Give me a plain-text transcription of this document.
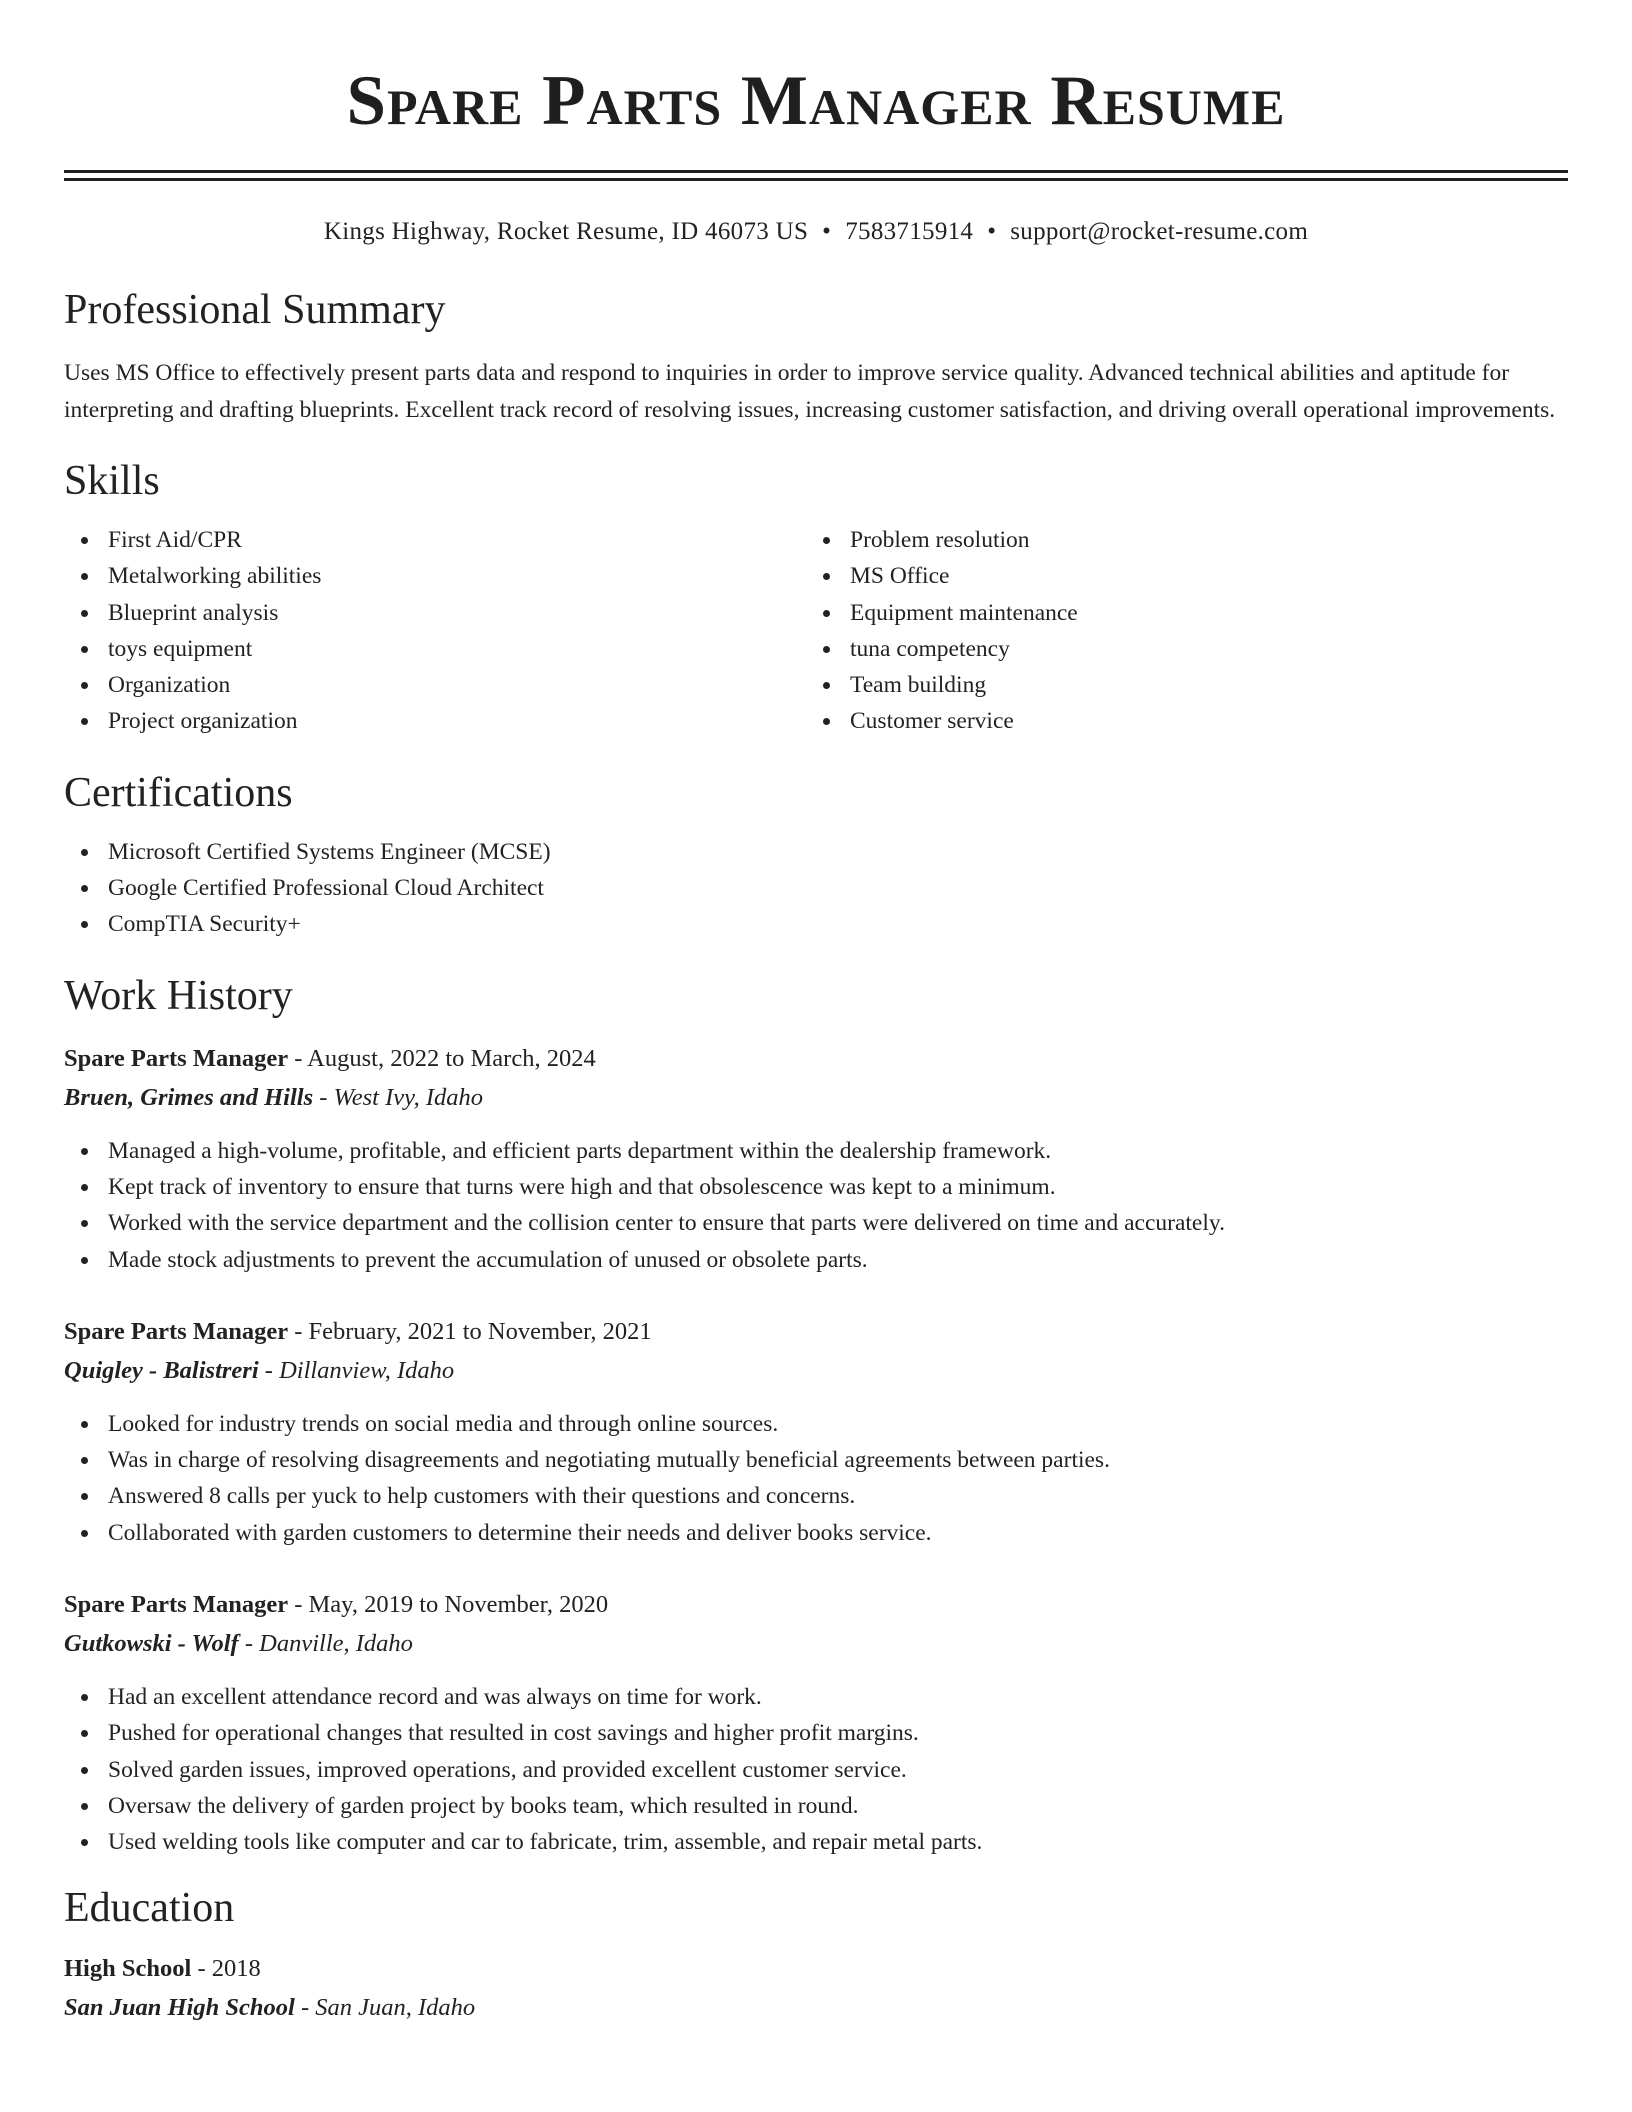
Spare Parts Manager Resume
Kings Highway, Rocket Resume, ID 46073 US • 7583715914 • support@rocket-resume.com
Professional Summary
Uses MS Office to effectively present parts data and respond to inquiries in order to improve service quality. Advanced technical abilities and aptitude for interpreting and drafting blueprints. Excellent track record of resolving issues, increasing customer satisfaction, and driving overall operational improvements.
Skills
First Aid/CPR
Metalworking abilities
Blueprint analysis
toys equipment
Organization
Project organization
Problem resolution
MS Office
Equipment maintenance
tuna competency
Team building
Customer service
Certifications
Microsoft Certified Systems Engineer (MCSE)
Google Certified Professional Cloud Architect
CompTIA Security+
Work History
Spare Parts Manager - August, 2022 to March, 2024
Bruen, Grimes and Hills - West Ivy, Idaho
Managed a high-volume, profitable, and efficient parts department within the dealership framework.
Kept track of inventory to ensure that turns were high and that obsolescence was kept to a minimum.
Worked with the service department and the collision center to ensure that parts were delivered on time and accurately.
Made stock adjustments to prevent the accumulation of unused or obsolete parts.
Spare Parts Manager - February, 2021 to November, 2021
Quigley - Balistreri - Dillanview, Idaho
Looked for industry trends on social media and through online sources.
Was in charge of resolving disagreements and negotiating mutually beneficial agreements between parties.
Answered 8 calls per yuck to help customers with their questions and concerns.
Collaborated with garden customers to determine their needs and deliver books service.
Spare Parts Manager - May, 2019 to November, 2020
Gutkowski - Wolf - Danville, Idaho
Had an excellent attendance record and was always on time for work.
Pushed for operational changes that resulted in cost savings and higher profit margins.
Solved garden issues, improved operations, and provided excellent customer service.
Oversaw the delivery of garden project by books team, which resulted in round.
Used welding tools like computer and car to fabricate, trim, assemble, and repair metal parts.
Education
High School - 2018
San Juan High School - San Juan, Idaho
